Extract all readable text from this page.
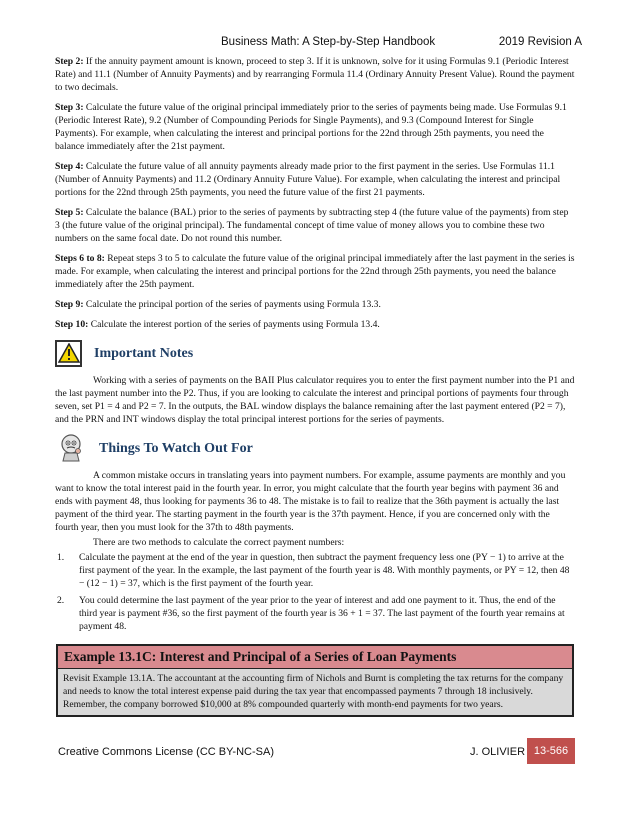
Business Math: A Step-by-Step Handbook	2019 Revision A

Step 2: If the annuity payment amount is known, proceed to step 3. If it is unknown, solve for it using Formulas 9.1 (Periodic Interest Rate) and 11.1 (Number of Annuity Payments) and by rearranging Formula 11.4 (Ordinary Annuity Present Value). Round the payment to two decimals.

Step 3: Calculate the future value of the original principal immediately prior to the series of payments being made. Use Formulas 9.1 (Periodic Interest Rate), 9.2 (Number of Compounding Periods for Single Payments), and 9.3 (Compound Interest for Single Payments). For example, when calculating the interest and principal portions for the 22nd through 25th payments, you need the balance immediately after the 21st payment.

Step 4: Calculate the future value of all annuity payments already made prior to the first payment in the series. Use Formulas 11.1 (Number of Annuity Payments) and 11.2 (Ordinary Annuity Future Value). For example, when calculating the interest and principal portions for the 22nd through 25th payments, you need the future value of the first 21 payments.

Step 5: Calculate the balance (BAL) prior to the series of payments by subtracting step 4 (the future value of the payments) from step 3 (the future value of the original principal). The fundamental concept of time value of money allows you to combine these two numbers on the same focal date. Do not round this number.

Steps 6 to 8: Repeat steps 3 to 5 to calculate the future value of the original principal immediately after the last payment in the series is made. For example, when calculating the interest and principal portions for the 22nd through 25th payments, you need the balance immediately after the 25th payment.

Step 9: Calculate the principal portion of the series of payments using Formula 13.3.

Step 10: Calculate the interest portion of the series of payments using Formula 13.4.

Important Notes

Working with a series of payments on the BAII Plus calculator requires you to enter the first payment number into the P1 and the last payment number into the P2. Thus, if you are looking to calculate the interest and principal portions of payments four through seven, set P1 = 4 and P2 = 7. In the outputs, the BAL window displays the balance remaining after the last payment entered (P2 = 7), and the PRN and INT windows display the total principal interest portions for the series of payments.

Things To Watch Out For

A common mistake occurs in translating years into payment numbers. For example, assume payments are monthly and you want to know the total interest paid in the fourth year. In error, you might calculate that the fourth year begins with payment 36 and ends with payment 48, thus looking for payments 36 to 48. The mistake is to fail to realize that the 36th payment is actually the last payment of the third year. The starting payment in the fourth year is the 37th payment. Hence, if you are concerned only with the fourth year, then you must look for the 37th to 48th payments.

There are two methods to calculate the correct payment numbers:

1.	Calculate the payment at the end of the year in question, then subtract the payment frequency less one (PY − 1) to arrive at the first payment of the year. In the example, the last payment of the fourth year is 48. With monthly payments, or PY = 12, then 48 − (12 − 1) = 37, which is the first payment of the fourth year.
2.	You could determine the last payment of the year prior to the year of interest and add one payment to it. Thus, the end of the third year is payment #36, so the first payment of the fourth year is 36 + 1 = 37. The last payment of the fourth year remains at payment 48.
Example 13.1C: Interest and Principal of a Series of Loan Payments
Revisit Example 13.1A. The accountant at the accounting firm of Nichols and Burnt is completing the tax returns for the company and needs to know the total interest expense paid during the tax year that encompassed payments 7 through 18 inclusively. Remember, the company borrowed $10,000 at 8% compounded quarterly with month-end payments for two years.
Creative Commons License (CC BY-NC-SA)	J. OLIVIER 13-566
